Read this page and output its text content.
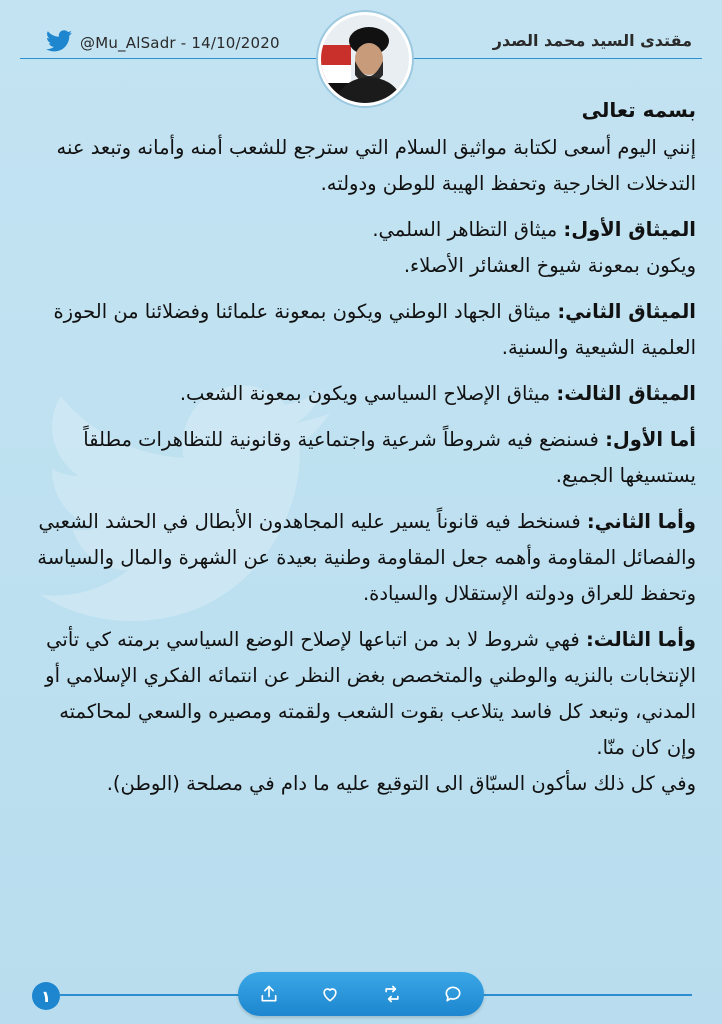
@Mu_AlSadr - 14/10/2020	مقتدى السيد محمد الصدر

بسمه تعالى

إنني اليوم أسعى لكتابة مواثيق السلام التي سترجع للشعب أمنه وأمانه وتبعد عنه التدخلات الخارجية وتحفظ الهيبة للوطن ودولته.

الميثاق الأول: ميثاق التظاهر السلمي.

ويكون بمعونة شيوخ العشائر الأصلاء.

الميثاق الثاني: ميثاق الجهاد الوطني ويكون بمعونة علمائنا وفضلائنا من الحوزة العلمية الشيعية والسنية.

الميثاق الثالث: ميثاق الإصلاح السياسي ويكون بمعونة الشعب.

أما الأول: فسنضع فيه شروطاً شرعية واجتماعية وقانونية للتظاهرات مطلقاً يستسيغها الجميع.

وأما الثاني: فسنخط فيه قانوناً يسير عليه المجاهدون الأبطال في الحشد الشعبي والفصائل المقاومة وأهمه جعل المقاومة وطنية بعيدة عن الشهرة والمال والسياسة وتحفظ للعراق ودولته الإستقلال والسيادة.

وأما الثالث: فهي شروط لا بد من اتباعها لإصلاح الوضع السياسي برمته كي تأتي الإنتخابات بالنزيه والوطني والمتخصص بغض النظر عن انتمائه الفكري الإسلامي أو المدني، وتبعد كل فاسد يتلاعب بقوت الشعب ولقمته ومصيره والسعي لمحاكمته وإن كان منّا.

وفي كل ذلك سأكون السبّاق الى التوقيع عليه ما دام في مصلحة (الوطن).

١
